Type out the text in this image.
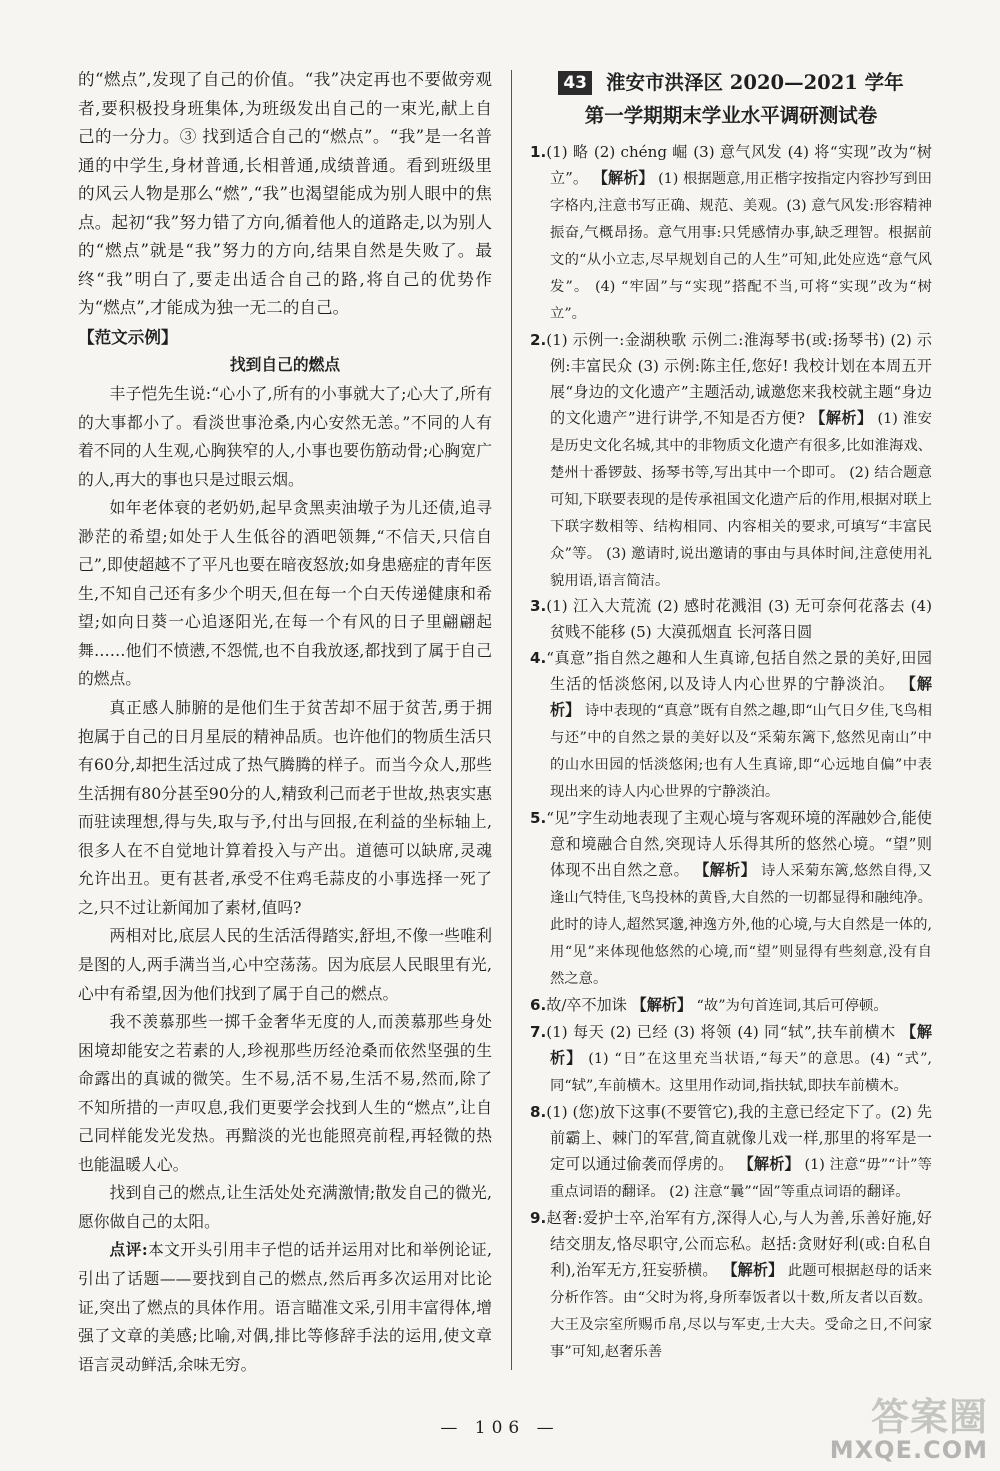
的“燃点”,发现了自己的价值。“我”决定再也不要做旁观者,要积极投身班集体,为班级发出自己的一束光,献上自己的一分力。③ 找到适合自己的“燃点”。“我”是一名普通的中学生,身材普通,长相普通,成绩普通。看到班级里的风云人物是那么“燃”,“我”也渴望能成为别人眼中的焦点。起初“我”努力错了方向,循着他人的道路走,以为别人的“燃点”就是“我”努力的方向,结果自然是失败了。最终“我”明白了,要走出适合自己的路,将自己的优势作为“燃点”,才能成为独一无二的自己。

【范文示例】

找到自己的燃点

丰子恺先生说:“心小了,所有的小事就大了;心大了,所有的大事都小了。看淡世事沧桑,内心安然无恙。”不同的人有着不同的人生观,心胸狭窄的人,小事也要伤筋动骨;心胸宽广的人,再大的事也只是过眼云烟。

如年老体衰的老奶奶,起早贪黑卖油墩子为儿还债,追寻渺茫的希望;如处于人生低谷的酒吧领舞,“不信天,只信自己”,即使超越不了平凡也要在暗夜怒放;如身患癌症的青年医生,不知自己还有多少个明天,但在每一个白天传递健康和希望;如向日葵一心追逐阳光,在每一个有风的日子里翩翩起舞……他们不愤懑,不怨慌,也不自我放逐,都找到了属于自己的燃点。

真正感人肺腑的是他们生于贫苦却不屈于贫苦,勇于拥抱属于自己的日月星辰的精神品质。也许他们的物质生活只有60分,却把生活过成了热气腾腾的样子。而当今众人,那些生活拥有80分甚至90分的人,精致利己而老于世故,热衷实惠而驻读理想,得与失,取与予,付出与回报,在利益的坐标轴上,很多人在不自觉地计算着投入与产出。道德可以缺席,灵魂允许出丑。更有甚者,承受不住鸡毛蒜皮的小事选择一死了之,只不过让新闻加了素材,值吗?

两相对比,底层人民的生活活得踏实,舒坦,不像一些唯利是图的人,两手满当当,心中空荡荡。因为底层人民眼里有光,心中有希望,因为他们找到了属于自己的燃点。

我不羡慕那些一掷千金奢华无度的人,而羡慕那些身处困境却能安之若素的人,珍视那些历经沧桑而依然坚强的生命露出的真诚的微笑。生不易,活不易,生活不易,然而,除了不知所措的一声叹息,我们更要学会找到人生的“燃点”,让自己同样能发光发热。再黯淡的光也能照亮前程,再轻微的热也能温暖人心。

找到自己的燃点,让生活处处充满激情;散发自己的微光,愿你做自己的太阳。

点评:本文开头引用丰子恺的话并运用对比和举例论证,引出了话题——要找到自己的燃点,然后再多次运用对比论证,突出了燃点的具体作用。语言瞄准文采,引用丰富得体,增强了文章的美感;比喻,对偶,排比等修辞手法的运用,使文章语言灵动鲜活,余味无穷。

43 淮安市洪泽区 2020—2021 学年
第一学期期末学业水平调研测试卷

1.(1) 略 (2) chéng 崛 (3) 意气风发 (4) 将“实现”改为“树立”。 【解析】 (1) 根据题意,用正楷字按指定内容抄写到田字格内,注意书写正确、规范、美观。(3) 意气风发:形容精神振奋,气概昂扬。意气用事:只凭感情办事,缺乏理智。根据前文的“从小立志,尽早规划自己的人生”可知,此处应选“意气风发”。 (4) “牢固”与“实现”搭配不当,可将“实现”改为“树立”。

2.(1) 示例一:金湖秧歌 示例二:淮海琴书(或:扬琴书) (2) 示例:丰富民众 (3) 示例:陈主任,您好! 我校计划在本周五开展“身边的文化遗产”主题活动,诚邀您来我校就主题“身边的文化遗产”进行讲学,不知是否方便? 【解析】 (1) 淮安是历史文化名城,其中的非物质文化遗产有很多,比如淮海戏、楚州十番锣鼓、扬琴书等,写出其中一个即可。 (2) 结合题意可知,下联要表现的是传承祖国文化遗产后的作用,根据对联上下联字数相等、结构相同、内容相关的要求,可填写“丰富民众”等。 (3) 邀请时,说出邀请的事由与具体时间,注意使用礼貌用语,语言简洁。

3.(1) 江入大荒流 (2) 感时花溅泪 (3) 无可奈何花落去 (4) 贫贱不能移 (5) 大漠孤烟直 长河落日圆

4.“真意”指自然之趣和人生真谛,包括自然之景的美好,田园生活的恬淡悠闲,以及诗人内心世界的宁静淡泊。 【解析】 诗中表现的“真意”既有自然之趣,即“山气日夕佳,飞鸟相与还”中的自然之景的美好以及“采菊东篱下,悠然见南山”中的山水田园的恬淡悠闲;也有人生真谛,即“心远地自偏”中表现出来的诗人内心世界的宁静淡泊。

5.“见”字生动地表现了主观心境与客观环境的浑融妙合,能使意和境融合自然,突现诗人乐得其所的悠然心境。“望”则体现不出自然之意。 【解析】 诗人采菊东篱,悠然自得,又逢山气特佳,飞鸟投林的黄昏,大自然的一切都显得和融纯净。此时的诗人,超然冥邈,神逸方外,他的心境,与大自然是一体的,用“见”来体现他悠然的心境,而“望”则显得有些刻意,没有自然之意。

6.故/卒不加诛 【解析】 “故”为句首连词,其后可停顿。

7.(1) 每天 (2) 已经 (3) 将领 (4) 同“轼”,扶车前横木 【解析】 (1) “日”在这里充当状语,“每天”的意思。(4) “式”,同“轼”,车前横木。这里用作动词,指扶轼,即扶车前横木。

8.(1) (您)放下这事(不要管它),我的主意已经定下了。(2) 先前霸上、棘门的军营,简直就像儿戏一样,那里的将军是一定可以通过偷袭而俘虏的。 【解析】 (1) 注意“毋”“计”等重点词语的翻译。 (2) 注意“曩”“固”等重点词语的翻译。

9.赵奢:爱护士卒,治军有方,深得人心,与人为善,乐善好施,好结交朋友,恪尽职守,公而忘私。赵括:贪财好利(或:自私自利),治军无方,狂妄骄横。 【解析】 此题可根据赵母的话来分析作答。由“父时为将,身所奉饭者以十数,所友者以百数。大王及宗室所赐币帛,尽以与军吏,士大夫。受命之日,不问家事”可知,赵奢乐善

— 106 —	答案圈
MXQE.COM
